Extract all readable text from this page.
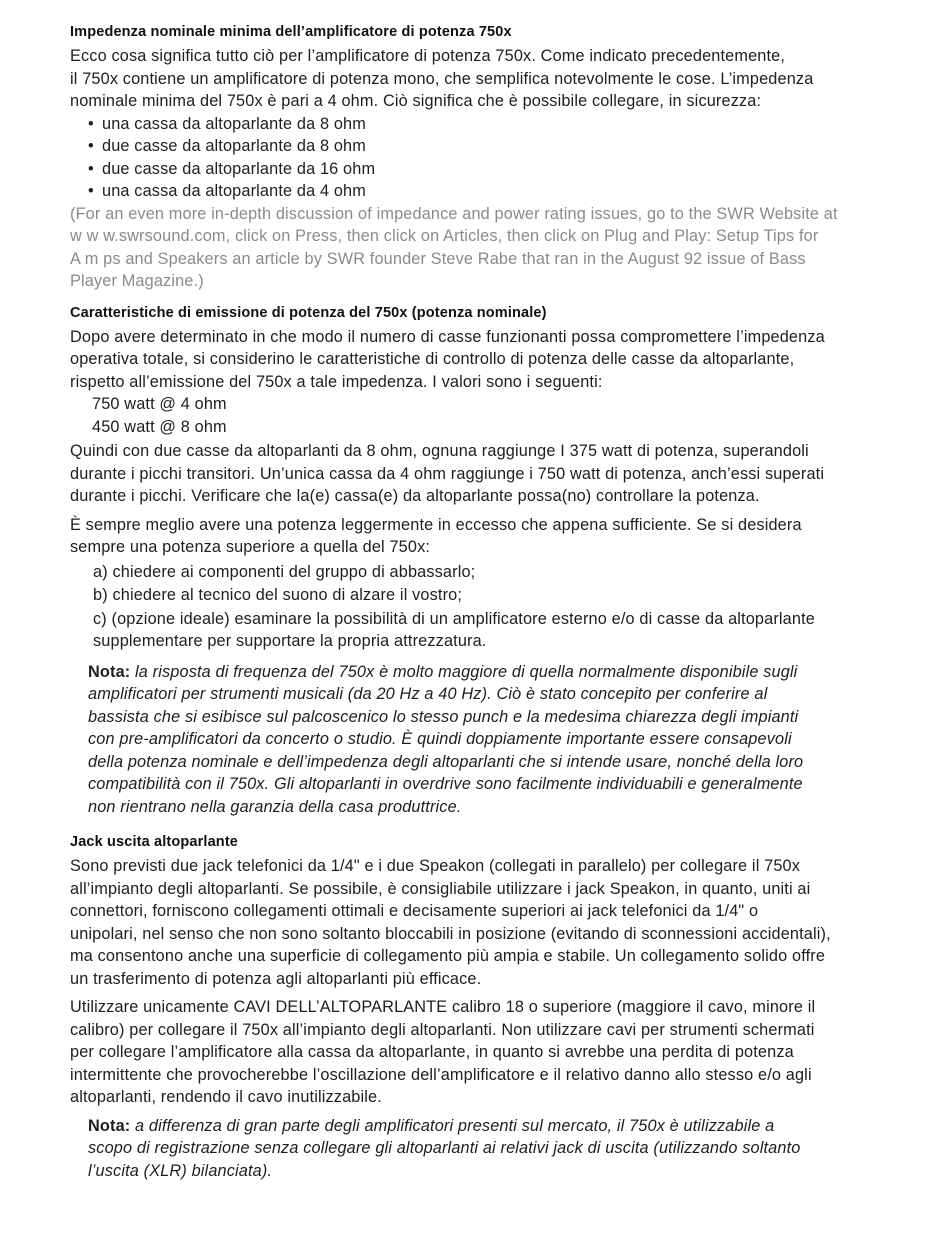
Impedenza nominale minima dell’amplificatore di potenza 750x

Ecco cosa significa tutto ciò per l’amplificatore di potenza 750x. Come indicato precedentemente,
il 750x contiene un amplificatore di potenza mono, che semplifica notevolmente le cose. L’impedenza
nominale minima del 750x è pari a 4 ohm. Ciò significa che è possibile collegare, in sicurezza:

• una cassa da altoparlante da 8 ohm
• due casse da altoparlante da 8 ohm
• due casse da altoparlante da 16 ohm
• una cassa da altoparlante da 4 ohm

(For an even more in-depth discussion of impedance and power rating issues, go to the SWR Website at
w w w.swrsound.com, click on Press, then click on Articles, then click on Plug and Play: Setup Tips for
A m ps and Speakers an article by SWR founder Steve Rabe that ran in the August 92 issue of Bass
Player Magazine.)

Caratteristiche di emissione di potenza del 750x (potenza nominale)

Dopo avere determinato in che modo il numero di casse funzionanti possa compromettere l’impedenza
operativa totale, si considerino le caratteristiche di controllo di potenza delle casse da altoparlante,
rispetto all’emissione del 750x a tale impedenza. I valori sono i seguenti:

750 watt @ 4 ohm
450 watt @ 8 ohm

Quindi con due casse da altoparlanti da 8 ohm, ognuna raggiunge I 375 watt di potenza, superandoli
durante i picchi transitori. Un’unica cassa da 4 ohm raggiunge i 750 watt di potenza, anch’essi superati
durante i picchi. Verificare che la(e) cassa(e) da altoparlante possa(no) controllare la potenza.

È sempre meglio avere una potenza leggermente in eccesso che appena sufficiente. Se si desidera
sempre una potenza superiore a quella del 750x:

a) chiedere ai componenti del gruppo di abbassarlo;
b) chiedere al tecnico del suono di alzare il vostro;
c) (opzione ideale) esaminare la possibilità di un amplificatore esterno e/o di casse da altoparlante
supplementare per supportare la propria attrezzatura.
Nota: la risposta di frequenza del 750x è molto maggiore di quella normalmente disponibile sugli
amplificatori per strumenti musicali (da 20 Hz a 40 Hz). Ciò è stato concepito per conferire al
bassista che si esibisce sul palcoscenico lo stesso punch e la medesima chiarezza degli impianti
con pre-amplificatori da concerto o studio. È quindi doppiamente importante essere consapevoli
della potenza nominale e dell’impedenza degli altoparlanti che si intende usare, nonché della loro
compatibilità con il 750x. Gli altoparlanti in overdrive sono facilmente individuabili e generalmente
non rientrano nella garanzia della casa produttrice.
Jack uscita altoparlante

Sono previsti due jack telefonici da 1/4" e i due Speakon (collegati in parallelo) per collegare il 750x
all’impianto degli altoparlanti. Se possibile, è consigliabile utilizzare i jack Speakon, in quanto, uniti ai
connettori, forniscono collegamenti ottimali e decisamente superiori ai jack telefonici da 1/4" o
unipolari, nel senso che non sono soltanto bloccabili in posizione (evitando di sconnessioni accidentali),
ma consentono anche una superficie di collegamento più ampia e stabile. Un collegamento solido offre
un trasferimento di potenza agli altoparlanti più efficace.

Utilizzare unicamente CAVI DELL’ALTOPARLANTE calibro 18 o superiore (maggiore il cavo, minore il
calibro) per collegare il 750x all’impianto degli altoparlanti. Non utilizzare cavi per strumenti schermati
per collegare l’amplificatore alla cassa da altoparlante, in quanto si avrebbe una perdita di potenza
intermittente che provocherebbe l’oscillazione dell’amplificatore e il relativo danno allo stesso e/o agli
altoparlanti, rendendo il cavo inutilizzabile.

Nota: a differenza di gran parte degli amplificatori presenti sul mercato, il 750x è utilizzabile a
scopo di registrazione senza collegare gli altoparlanti ai relativi jack di uscita (utilizzando soltanto
l’uscita (XLR) bilanciata).
